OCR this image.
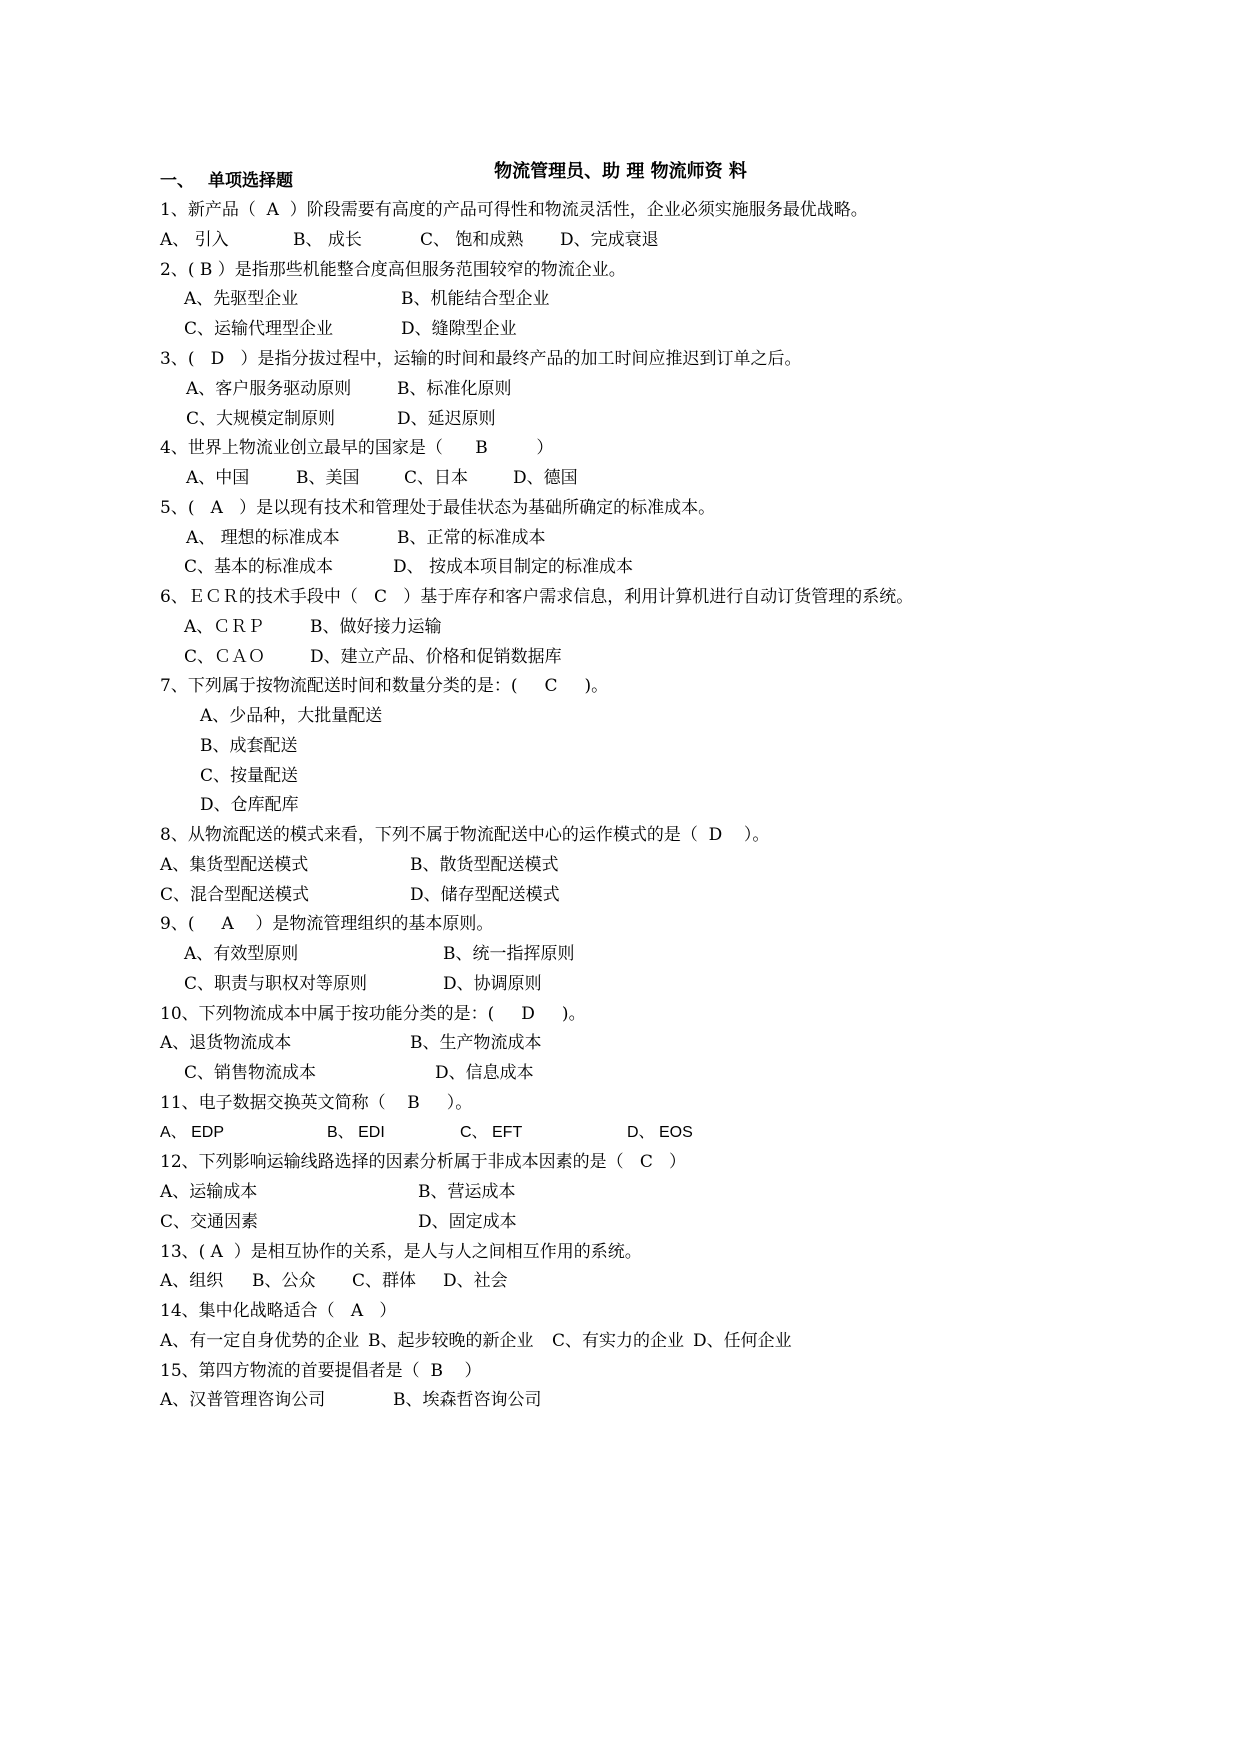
物流管理员、助 理 物流师资 料

一、

单项选择题

1、新产品（  A  ）阶段需要有高度的产品可得性和物流灵活性，企业必须实施服务最优战略。

A、 引入

	B、 成长

	C、 饱和成熟

D、完成衰退

2、( B ）是指那些机能整合度高但服务范围较窄的物流企业。

A、先驱型企业

	B、机能结合型企业

C、运输代理型企业

	D、缝隙型企业

3、(   D   ）是指分拔过程中，运输的时间和最终产品的加工时间应推迟到订单之后。

A、客户服务驱动原则

	B、标准化原则

C、大规模定制原则

	D、延迟原则

4、世界上物流业创立最早的国家是（      B         ）

A、中国

	B、美国

	C、日本

	D、德国

5、(   A   ）是以现有技术和管理处于最佳状态为基础所确定的标准成本。

A、 理想的标准成本

	B、正常的标准成本

C、基本的标准成本

	D、 按成本项目制定的标准成本

6、ＥＣＲ的技术手段中（   C   ）基于库存和客户需求信息，利用计算机进行自动订货管理的系统。

A、ＣＲＰ

	B、做好接力运输

C、ＣＡＯ

	D、建立产品、价格和促销数据库

7、下列属于按物流配送时间和数量分类的是：(     C     )。
A、少品种，大批量配送
B、成套配送
C、按量配送
D、仓库配库
8、从物流配送的模式来看，下列不属于物流配送中心的运作模式的是（  D    ）。

A、集货型配送模式

	B、散货型配送模式

C、混合型配送模式

	D、储存型配送模式

9、(     A    ）是物流管理组织的基本原则。

A、有效型原则

	B、统一指挥原则

C、职责与职权对等原则

	D、协调原则

10、下列物流成本中属于按功能分类的是：(     D     )。

A、退货物流成本

	B、生产物流成本

C、销售物流成本

	D、信息成本

11、电子数据交换英文简称（    B     ）。

A、 EDP

	B、 EDI

	C、 EFT

	D、 EOS

12、下列影响运输线路选择的因素分析属于非成本因素的是（   C   ）

A、运输成本

	B、营运成本

C、交通因素

	D、固定成本

13、( A  ）是相互协作的关系，是人与人之间相互作用的系统。

A、组织

B、公众

C、群体

D、社会

14、集中化战略适合（   A   ）

A、有一定自身优势的企业

B、起步较晚的新企业

C、有实力的企业

D、任何企业

15、第四方物流的首要提倡者是（  B    ）

A、汉普管理咨询公司

	B、埃森哲咨询公司
